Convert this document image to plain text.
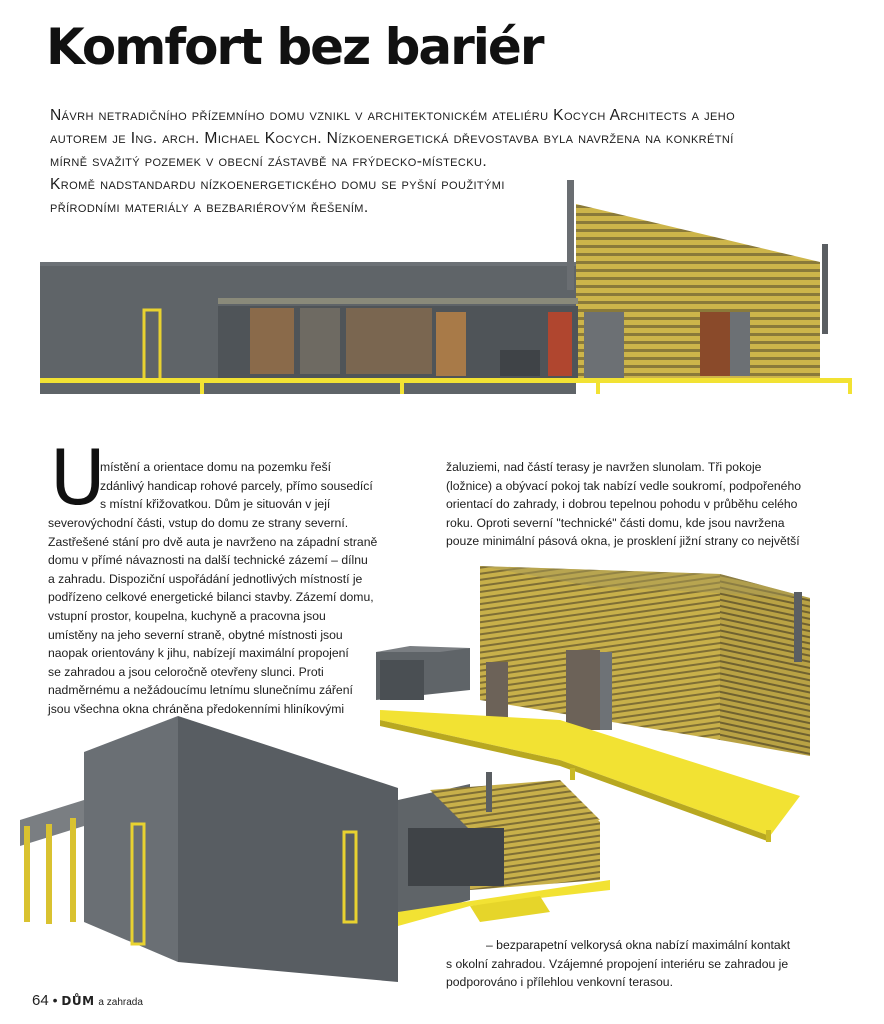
Komfort bez bariér
Návrh netradičního přízemního domu vznikl v architektonickém ateliéru Kocych Architects a jeho
autorem je Ing. arch. Michael Kocych. Nízkoenergetická dřevostavba byla navržena na konkrétní
mírně svažitý pozemek v obecní zástavbě na frýdecko-místecku.
Kromě nadstandardu nízkoenergetického domu se pyšní použitými
přírodními materiály a bezbariérovým řešením.
U
místění a orientace domu na pozemku řeší
zdánlivý handicap rohové parcely, přímo sousedící
s místní křižovatkou. Dům je situován v její
severovýchodní části, vstup do domu ze strany severní.
Zastřešené stání pro dvě auta je navrženo na západní straně
domu v přímé návaznosti na další technické zázemí – dílnu
a zahradu. Dispoziční uspořádání jednotlivých místností je
podřízeno celkové energetické bilanci stavby. Zázemí domu,
vstupní prostor, koupelna, kuchyně a pracovna jsou
umístěny na jeho severní straně, obytné místnosti jsou
naopak orientovány k jihu, nabízejí maximální propojení
se zahradou a jsou celoročně otevřeny slunci. Proti
nadměrnému a nežádoucímu letnímu slunečnímu záření
jsou všechna okna chráněna předokenními hliníkovými
žaluziemi, nad částí terasy je navržen slunolam. Tři pokoje
(ložnice) a obývací pokoj tak nabízí vedle soukromí, podpořeného
orientací do zahrady, i dobrou tepelnou pohodu v průběhu celého
roku. Oproti severní "technické" části domu, kde jsou navržena
pouze minimální pásová okna, je prosklení jižní strany co největší
– bezparapetní velkorysá okna nabízí maximální kontakt
s okolní zahradou. Vzájemné propojení interiéru se zahradou je
podporováno i přílehlou venkovní terasou.
64 • DŮM a zahrada
